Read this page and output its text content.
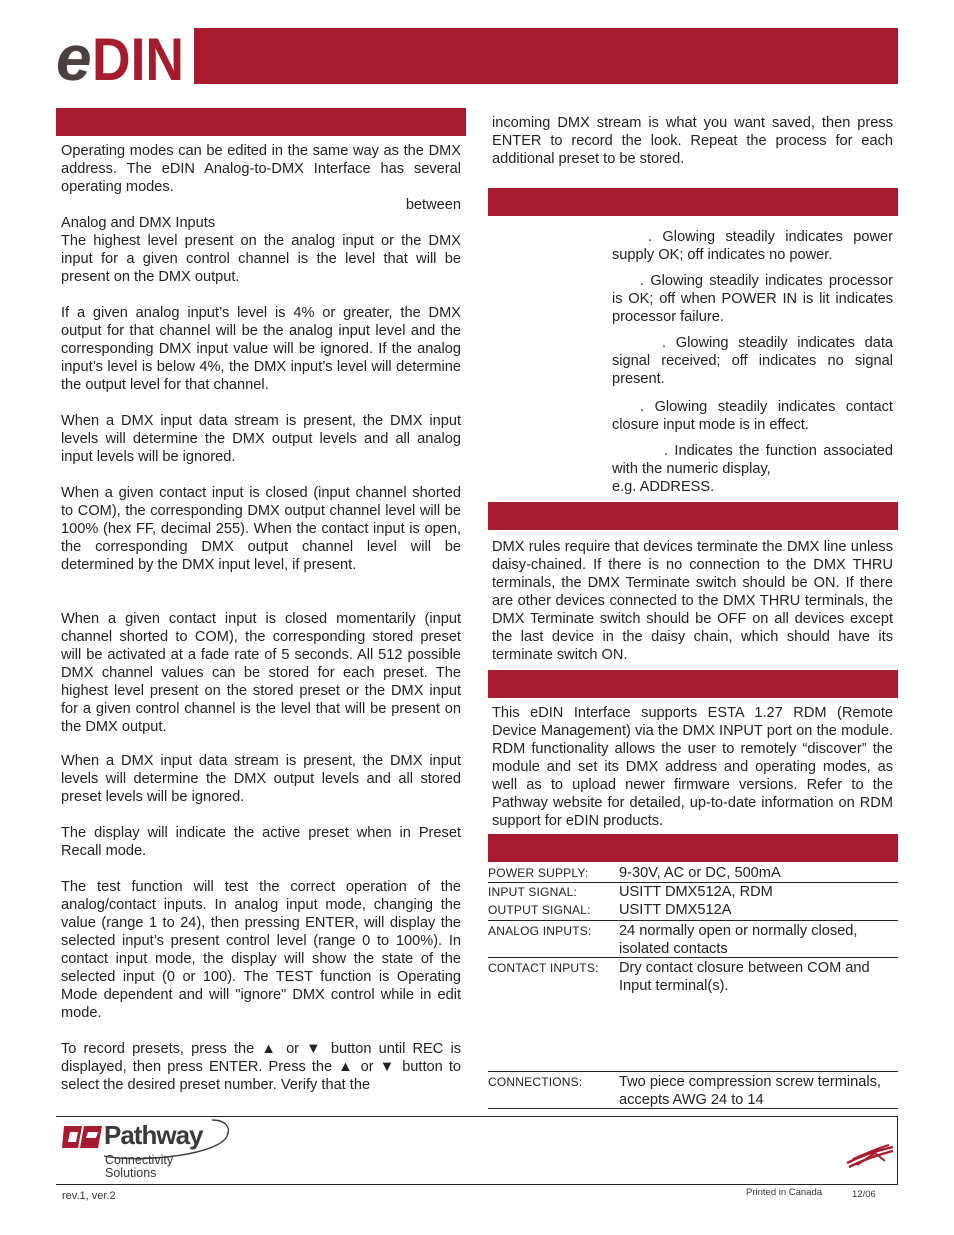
e DIN

Operating modes can be edited in the same way as the DMX address. The eDIN Analog-to-DMX Interface has several operating modes.

between

Analog and DMX Inputs

The highest level present on the analog input or the DMX input for a given control channel is the level that will be present on the DMX output.

If a given analog input’s level is 4% or greater, the DMX output for that channel will be the analog input level and the corresponding DMX input value will be ignored. If the analog input’s level is below 4%, the DMX input’s level will determine the output level for that channel.

When a DMX input data stream is present, the DMX input levels will determine the DMX output levels and all analog input levels will be ignored.

When a given contact input is closed (input channel shorted to COM), the corresponding DMX output channel level will be 100% (hex FF, decimal 255). When the contact input is open, the corresponding DMX output channel level will be determined by the DMX input level, if present.

When a given contact input is closed momentarily (input channel shorted to COM), the corresponding stored preset will be activated at a fade rate of 5 seconds. All 512 possible DMX channel values can be stored for each preset. The highest level present on the stored preset or the DMX input for a given control channel is the level that will be present on the DMX output.

When a DMX input data stream is present, the DMX input levels will determine the DMX output levels and all stored preset levels will be ignored.

The display will indicate the active preset when in Preset Recall mode.

The test function will test the correct operation of the analog/contact inputs. In analog input mode, changing the value (range 1 to 24), then pressing ENTER, will display the selected input’s present control level (range 0 to 100%). In contact input mode, the display will show the state of the selected input (0 or 100). The TEST function is Operating Mode dependent and will "ignore" DMX control while in edit mode.

To record presets, press the ▲ or ▼ button until REC is displayed, then press ENTER. Press the ▲ or ▼ button to select the desired preset number. Verify that the

incoming DMX stream is what you want saved, then press ENTER to record the look. Repeat the process for each additional preset to be stored.

. Glowing steadily indicates power supply OK; off indicates no power.

. Glowing steadily indicates processor is OK; off when POWER IN is lit indicates processor failure.

. Glowing steadily indicates data signal received; off indicates no signal present.

. Glowing steadily indicates contact closure input mode is in effect.

. Indicates the function associated with the numeric display,

e.g. ADDRESS.

DMX rules require that devices terminate the DMX line unless daisy-chained. If there is no connection to the DMX THRU terminals, the DMX Terminate switch should be ON. If there are other devices connected to the DMX THRU terminals, the DMX Terminate switch should be OFF on all devices except the last device in the daisy chain, which should have its terminate switch ON.

This eDIN Interface supports ESTA 1.27 RDM (Remote Device Management) via the DMX INPUT port on the module. RDM functionality allows the user to remotely “discover” the module and set its DMX address and operating modes, as well as to upload newer firmware versions. Refer to the Pathway website for detailed, up-to-date information on RDM support for eDIN products.

POWER SUPPLY:	9-30V, AC or DC, 500mA
INPUT SIGNAL:	USITT DMX512A, RDM
OUTPUT SIGNAL:	USITT DMX512A
ANALOG INPUTS:	24 normally open or normally closed, isolated contacts
CONTACT INPUTS:	Dry contact closure between COM and Input terminal(s).
CONNECTIONS:	Two piece compression screw terminals, accepts AWG 24 to 14
Pathway
Connectivity
Solutions
rev.1, ver.2	Printed in Canada	12/06
